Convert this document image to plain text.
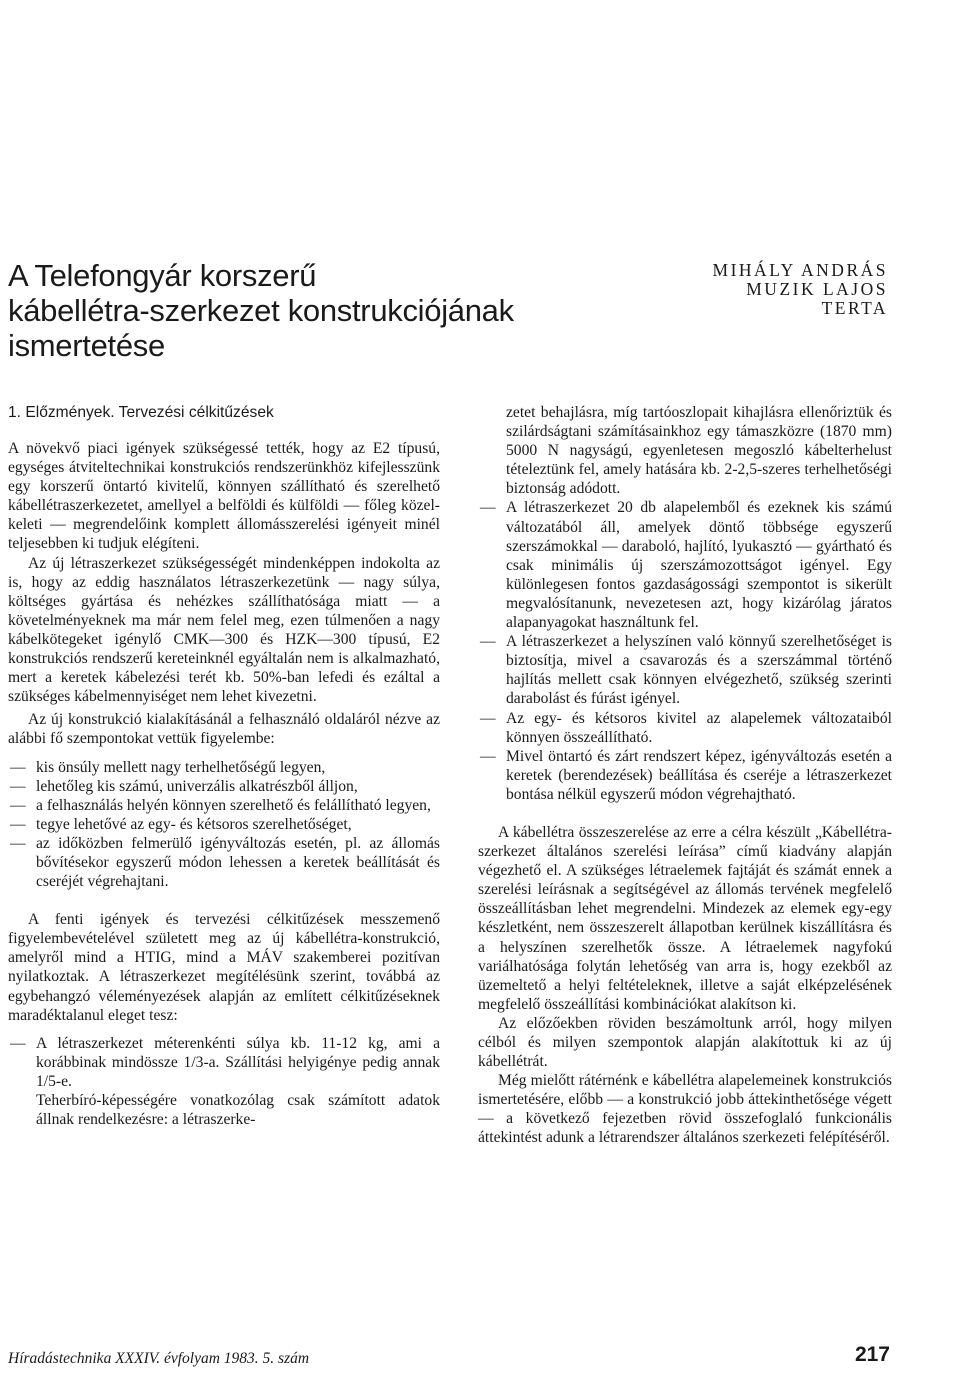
A Telefongyár korszerű
kábellétra-szerkezet konstrukciójának
ismertetése
MIHÁLY ANDRÁS
MUZIK LAJOS
TERTA
1. Előzmények. Tervezési célkitűzések

A növekvő piaci igények szükségessé tették, hogy az E2 típusú, egységes átviteltechnikai konstrukciós rendszerünkhöz kifejlesszünk egy korszerű öntartó kivitelű, könnyen szállítható és szerelhető kábellétraszerkezetet, amellyel a belföldi és külföldi — főleg közel-keleti — megrendelőink komplett állomásszerelési igényeit minél teljesebben ki tudjuk elégíteni.

Az új létraszerkezet szükségességét mindenképpen indokolta az is, hogy az eddig használatos létraszerkezetünk — nagy súlya, költséges gyártása és nehézkes szállíthatósága miatt — a követelményeknek ma már nem felel meg, ezen túlmenően a nagy kábelkötegeket igénylő CMK—300 és HZK—300 típusú, E2 konstrukciós rendszerű kereteinknél egyáltalán nem is alkalmazható, mert a keretek kábelezési terét kb. 50%-ban lefedi és ezáltal a szükséges kábelmennyiséget nem lehet kivezetni.

Az új konstrukció kialakításánál a felhasználó oldaláról nézve az alábbi fő szempontokat vettük figyelembe:

— kis önsúly mellett nagy terhelhetőségű legyen,
— lehetőleg kis számú, univerzális alkatrészből álljon,
— a felhasználás helyén könnyen szerelhető és felállítható legyen,
— tegye lehetővé az egy- és kétsoros szerelhetőséget,
— az időközben felmerülő igényváltozás esetén, pl. az állomás bővítésekor egyszerű módon lehessen a keretek beállítását és cseréjét végrehajtani.

A fenti igények és tervezési célkitűzések messzemenő figyelembevételével született meg az új kábellétra-konstrukció, amelyről mind a HTIG, mind a MÁV szakemberei pozitívan nyilatkoztak. A létraszerkezet megítélésünk szerint, továbbá az egybehangzó véleményezések alapján az említett célkitűzéseknek maradéktalanul eleget tesz:

— A létraszerkezet méterenkénti súlya kb. 11-12 kg, ami a korábbinak mindössze 1/3-a. Szállítási helyigénye pedig annak 1/5-e.

Teherbíró-képességére vonatkozólag csak számított adatok állnak rendelkezésre: a létraszerke-

zetet behajlásra, míg tartóoszlopait kihajlásra ellenőriztük és szilárdságtani számításainkhoz egy támaszközre (1870 mm) 5000 N nagyságú, egyenletesen megoszló kábelterhelust tételeztünk fel, amely hatására kb. 2-2,5-szeres terhelhetőségi biztonság adódott.

— A létraszerkezet 20 db alapelemből és ezeknek kis számú változatából áll, amelyek döntő többsége egyszerű szerszámokkal — daraboló, hajlító, lyukasztó — gyártható és csak minimális új szerszámozottságot igényel. Egy különlegesen fontos gazdaságossági szempontot is sikerült megvalósítanunk, nevezetesen azt, hogy kizárólag járatos alapanyagokat használtunk fel.
— A létraszerkezet a helyszínen való könnyű szerelhetőséget is biztosítja, mivel a csavarozás és a szerszámmal történő hajlítás mellett csak könnyen elvégezhető, szükség szerinti darabolást és fúrást igényel.
— Az egy- és kétsoros kivitel az alapelemek változataiból könnyen összeállítható.
— Mivel öntartó és zárt rendszert képez, igényváltozás esetén a keretek (berendezések) beállítása és cseréje a létraszerkezet bontása nélkül egyszerű módon végrehajtható.

A kábellétra összeszerelése az erre a célra készült „Kábellétra-szerkezet általános szerelési leírása” című kiadvány alapján végezhető el. A szükséges létraelemek fajtáját és számát ennek a szerelési leírásnak a segítségével az állomás tervének megfelelő összeállításban lehet megrendelni. Mindezek az elemek egy-egy készletként, nem összeszerelt állapotban kerülnek kiszállításra és a helyszínen szerelhetők össze. A létraelemek nagyfokú variálhatósága folytán lehetőség van arra is, hogy ezekből az üzemeltető a helyi feltételeknek, illetve a saját elképzelésének megfelelő összeállítási kombinációkat alakítson ki.

Az előzőekben röviden beszámoltunk arról, hogy milyen célból és milyen szempontok alapján alakítottuk ki az új kábellétrát.

Még mielőtt rátérnénk e kábellétra alapelemeinek konstrukciós ismertetésére, előbb — a konstrukció jobb áttekinthetősége végett — a következő fejezetben rövid összefoglaló funkcionális áttekintést adunk a létrarendszer általános szerkezeti felépítéséről.

Híradástechnika XXXIV. évfolyam 1983. 5. szám	217
